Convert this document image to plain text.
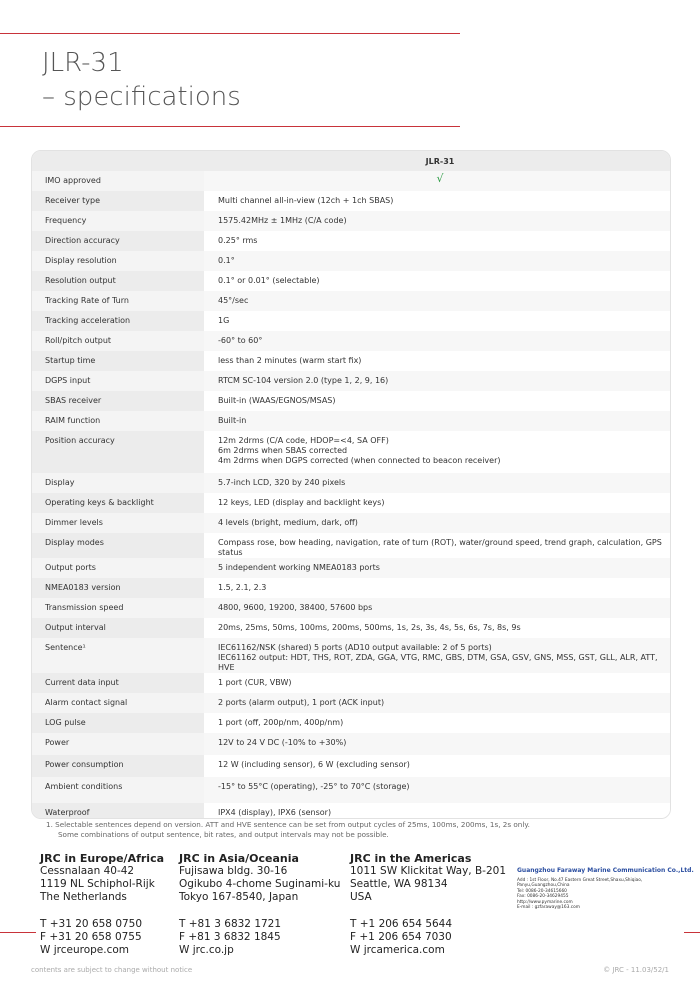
JLR-31
– specifications
	JLR-31

IMO approved	√

Receiver type	Multi channel all-in-view (12ch + 1ch SBAS)

Frequency	1575.42MHz ± 1MHz (C/A code)

Direction accuracy	0.25° rms

Display resolution	0.1°

Resolution output	0.1° or 0.01° (selectable)

Tracking Rate of Turn	45°/sec

Tracking acceleration	1G

Roll/pitch output	-60° to 60°

Startup time	less than 2 minutes (warm start fix)

DGPS input	RTCM SC-104 version 2.0 (type 1, 2, 9, 16)

SBAS receiver	Built-in (WAAS/EGNOS/MSAS)

RAIM function	Built-in

Position accuracy	12m 2drms (C/A code, HDOP=<4, SA OFF)
6m 2drms when SBAS corrected
4m 2drms when DGPS corrected (when connected to beacon receiver)

Display	5.7-inch LCD, 320 by 240 pixels

Operating keys & backlight	12 keys, LED (display and backlight keys)

Dimmer levels	4 levels (bright, medium, dark, off)

Display modes	Compass rose, bow heading, navigation, rate of turn (ROT), water/ground speed, trend graph, calculation, GPS status

Output ports	5 independent working NMEA0183 ports

NMEA0183 version	1.5, 2.1, 2.3

Transmission speed	4800, 9600, 19200, 38400, 57600 bps

Output interval	20ms, 25ms, 50ms, 100ms, 200ms, 500ms, 1s, 2s, 3s, 4s, 5s, 6s, 7s, 8s, 9s

Sentence¹	IEC61162/NSK (shared) 5 ports (AD10 output available: 2 of 5 ports)
IEC61162 output: HDT, THS, ROT, ZDA, GGA, VTG, RMC, GBS, DTM, GSA, GSV, GNS, MSS, GST, GLL, ALR, ATT, HVE

Current data input	1 port (CUR, VBW)

Alarm contact signal	2 ports (alarm output), 1 port (ACK input)

LOG pulse	1 port (off, 200p/nm, 400p/nm)

Power	12V to 24 V DC (-10% to +30%)

Power consumption	12 W (including sensor), 6 W (excluding sensor)

Ambient conditions	-15° to 55°C (operating), -25° to 70°C (storage)

Waterproof	IPX4 (display), IPX6 (sensor)
1. Selectable sentences depend on version. ATT and HVE sentence can be set from output cycles of 25ms, 100ms, 200ms, 1s, 2s only.
Some combinations of output sentence, bit rates, and output intervals may not be possible.
JRC in Europe/Africa
Cessnalaan 40-42
1119 NL Schiphol-Rijk
The Netherlands
T +31 20 658 0750
F +31 20 658 0755
W jrceurope.com
JRC in Asia/Oceania
Fujisawa bldg. 30-16
Ogikubo 4-chome Suginami-ku
Tokyo 167-8540, Japan
T +81 3 6832 1721
F +81 3 6832 1845
W jrc.co.jp
JRC in the Americas
1011 SW Klickitat Way, B-201
Seattle, WA 98134
USA
T +1 206 654 5644
F +1 206 654 7030
W jrcamerica.com
Guangzhou Faraway Marine Communication Co.,Ltd.
Add : 1st Floor, No.47 Eastern Great Street,Shaxu,Shiqiao,
Panyu,Guangzhou,China
Tel: 0086-20-34615660
Fax: 0086-20-34629455
http://www.pymarine.com
E-mail : gzfaraway@163.com
contents are subject to change without notice	© JRC - 11.03/52/1
